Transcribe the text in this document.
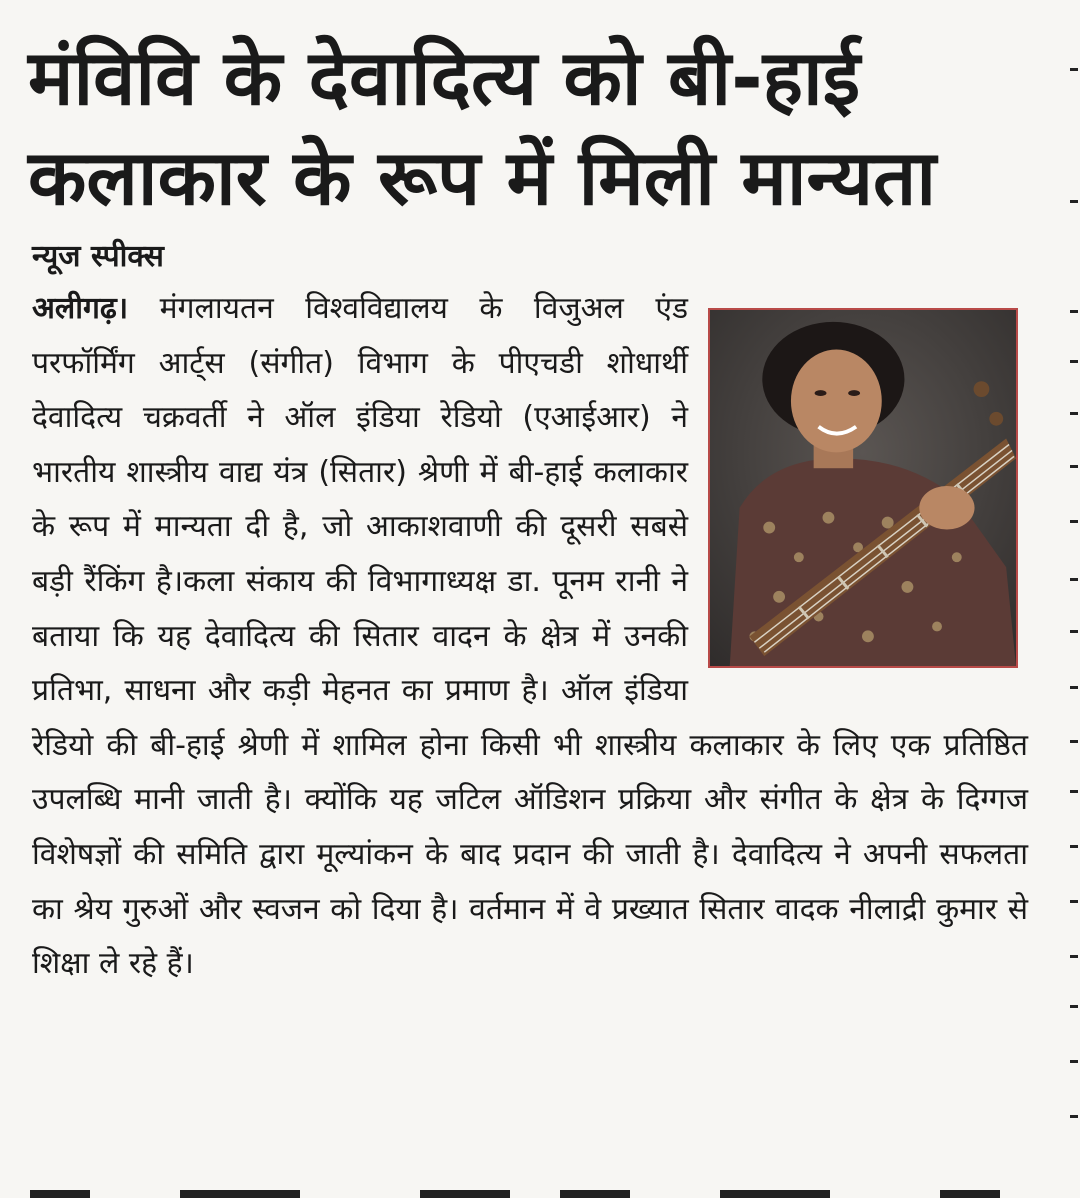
मंविवि के देवादित्य को बी-हाई
कलाकार के रूप में मिली मान्यता
न्यूज स्पीक्स

अलीगढ़। मंगलायतन विश्वविद्यालय के विजुअल एंड परफॉर्मिंग आर्ट्स (संगीत) विभाग के पीएचडी शोधार्थी देवादित्य चक्रवर्ती ने ऑल इंडिया रेडियो (एआईआर) ने भारतीय शास्त्रीय वाद्य यंत्र (सितार) श्रेणी में बी-हाई कलाकार के रूप में मान्यता दी है, जो आकाशवाणी की दूसरी सबसे बड़ी रैंकिंग है।कला संकाय की विभागाध्यक्ष डा. पूनम रानी ने बताया कि यह देवादित्य की सितार वादन के क्षेत्र में उनकी प्रतिभा, साधना और कड़ी मेहनत का प्रमाण है। ऑल इंडिया रेडियो की बी-हाई श्रेणी में शामिल होना किसी भी शास्त्रीय कलाकार के लिए एक प्रतिष्ठित उपलब्धि मानी जाती है। क्योंकि यह जटिल ऑडिशन प्रक्रिया और संगीत के क्षेत्र के दिग्गज विशेषज्ञों की समिति द्वारा मूल्यांकन के बाद प्रदान की जाती है। देवादित्य ने अपनी सफलता का श्रेय गुरुओं और स्वजन को दिया है। वर्तमान में वे प्रख्यात सितार वादक नीलाद्री कुमार से शिक्षा ले रहे हैं।
